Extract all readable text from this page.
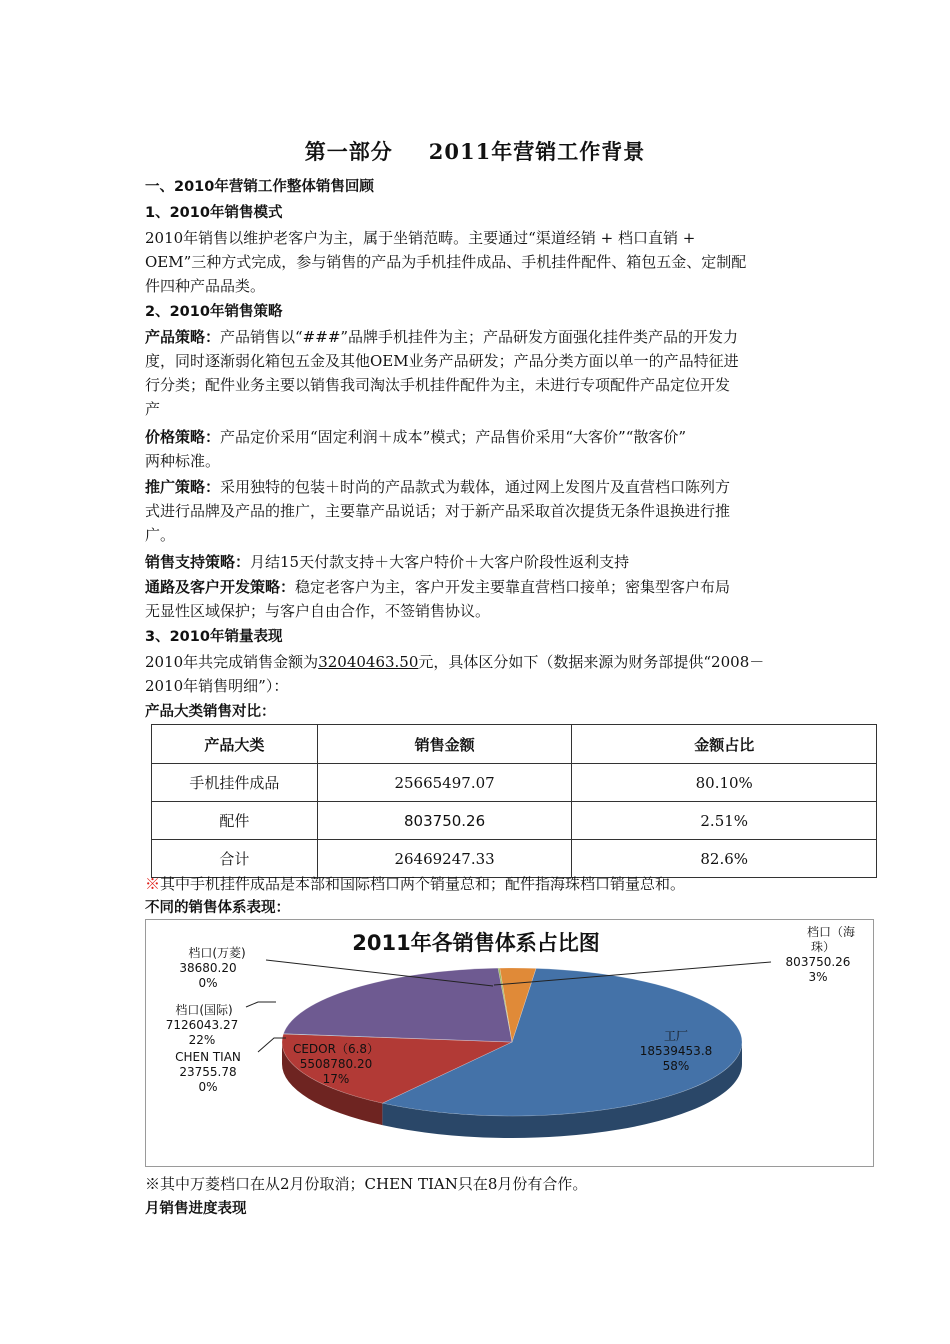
第一部分 2011年营销工作背景
一、2010年营销工作整体销售回顾
1、2010年销售模式
2010年销售以维护老客户为主，属于坐销范畴。主要通过“渠道经销 + 档口直销 +
OEM”三种方式完成，参与销售的产品为手机挂件成品、手机挂件配件、箱包五金、定制配
件四种产品品类。
2、2010年销售策略
产品策略：产品销售以“###”品牌手机挂件为主；产品研发方面强化挂件类产品的开发力
度，同时逐渐弱化箱包五金及其他OEM业务产品研发；产品分类方面以单一的产品特征进
行分类；配件业务主要以销售我司淘汰手机挂件配件为主，未进行专项配件产品定位开发
产
价格策略：产品定价采用“固定利润＋成本”模式；产品售价采用“大客价”“散客价”
两种标准。
推广策略：采用独特的包装＋时尚的产品款式为载体，通过网上发图片及直营档口陈列方
式进行品牌及产品的推广，主要靠产品说话；对于新产品采取首次提货无条件退换进行推
广。
销售支持策略：月结15天付款支持＋大客户特价＋大客户阶段性返利支持
通路及客户开发策略：稳定老客户为主，客户开发主要靠直营档口接单；密集型客户布局
无显性区域保护；与客户自由合作，不签销售协议。
3、2010年销量表现
2010年共完成销售金额为32040463.50元，具体区分如下（数据来源为财务部提供“2008－
2010年销售明细”）：
产品大类销售对比：
产品大类	销售金额	金额占比
手机挂件成品	25665497.07	80.10%
配件	803750.26	2.51%
合计	26469247.33	82.6%
※其中手机挂件成品是本部和国际档口两个销量总和；配件指海珠档口销量总和。
不同的销售体系表现：
2011年各销售体系占比图	档口（海
珠）
803750.26
3%
档口(万菱)
38680.20
0%
档口(国际)
7126043.27
22%
CHEN TIAN
23755.78
0%
CEDOR（6.8）
5508780.20
17%
工厂
18539453.8
58%
※其中万菱档口在从2月份取消；CHEN TIAN只在8月份有合作。
月销售进度表现
